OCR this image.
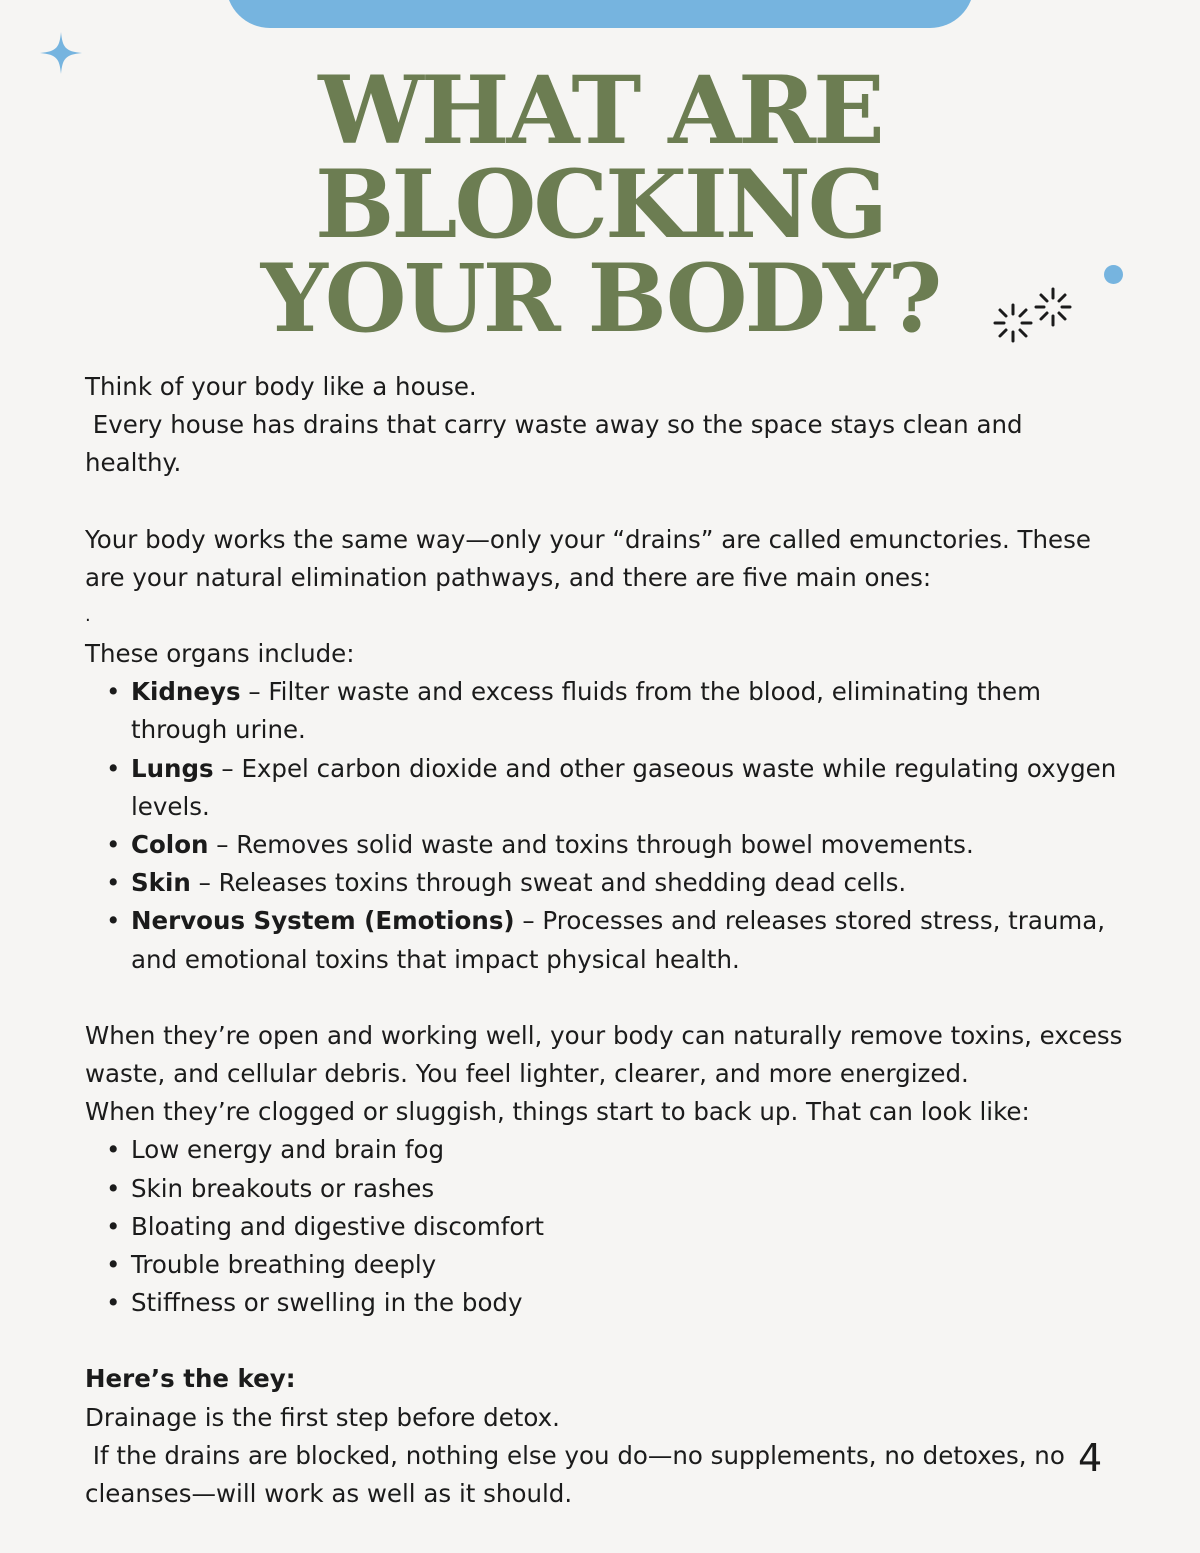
WHAT ARE
BLOCKING
YOUR BODY?

Think of your body like a house.

Every house has drains that carry waste away so the space stays clean and healthy.

Your body works the same way—only your “drains” are called emunctories. These are your natural elimination pathways, and there are five main ones:

.

These organs include:

• Kidneys – Filter waste and excess fluids from the blood, eliminating them through urine.
• Lungs – Expel carbon dioxide and other gaseous waste while regulating oxygen levels.
• Colon – Removes solid waste and toxins through bowel movements.
• Skin – Releases toxins through sweat and shedding dead cells.
• Nervous System (Emotions) – Processes and releases stored stress, trauma, and emotional toxins that impact physical health.

When they’re open and working well, your body can naturally remove toxins, excess waste, and cellular debris. You feel lighter, clearer, and more energized.

When they’re clogged or sluggish, things start to back up. That can look like:

• Low energy and brain fog
• Skin breakouts or rashes
• Bloating and digestive discomfort
• Trouble breathing deeply
• Stiffness or swelling in the body

Here’s the key:

Drainage is the first step before detox.

If the drains are blocked, nothing else you do—no supplements, no detoxes, no cleanses—will work as well as it should.

4
